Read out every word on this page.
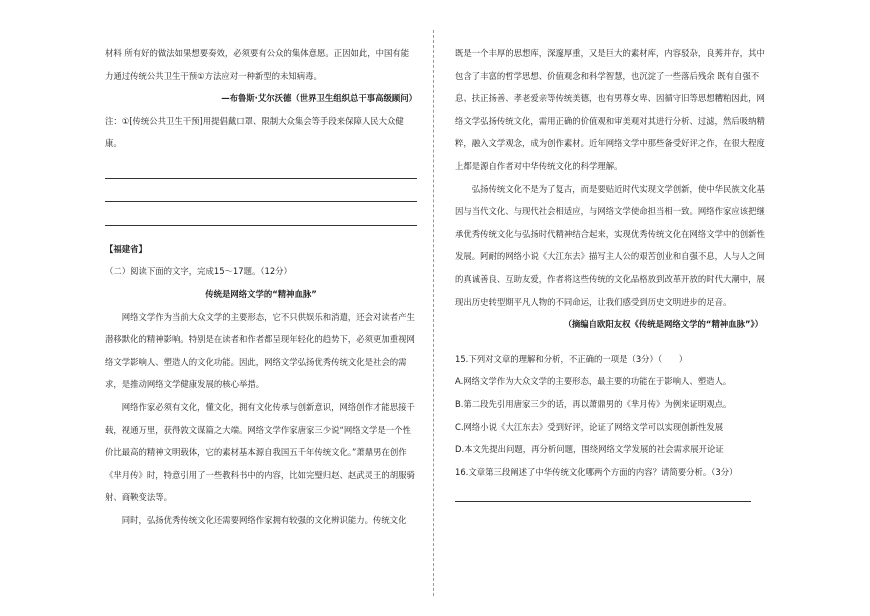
材料 所有好的做法如果想要奏效，必须要有公众的集体意愿。正因如此，中国有能力通过传统公共卫生干预①方法应对一种新型的未知病毒。

—布鲁斯·艾尔沃德（世界卫生组织总干事高级顾问）

注：①[传统公共卫生干预]用提倡戴口罩、限制大众集会等手段来保障人民大众健康。

【福建省】

（二）阅读下面的文字，完成15～17题。（12分）

传统是网络文学的“精神血脉”

网络文学作为当前大众文学的主要形态，它不只供娱乐和消遣，还会对读者产生潜移默化的精神影响。特别是在读者和作者都呈现年轻化的趋势下，必须更加重视网络文学影响人、塑造人的文化功能。因此，网络文学弘扬优秀传统文化是社会的需求，是推动网络文学健康发展的核心举措。

网络作家必须有文化，懂文化，拥有文化传承与创新意识，网络创作才能思接千载，视通万里，获得敦文谋篇之大端。网络文学作家唐家三少说“网络文学是一个性价比最高的精神文明载体，它的素材基本源自我国五千年传统文化。”萧鼎男在创作《芈月传》时，特意引用了一些教科书中的内容，比如完璧归赵、赵武灵王的胡服骑射、商鞅变法等。

同时，弘扬优秀传统文化还需要网络作家拥有较强的文化辨识能力。传统文化

既是一个丰厚的思想库，深邃厚重，又是巨大的素材库，内容驳杂，良莠并存，其中包含了丰富的哲学思想、价值观念和科学智慧，也沉淀了一些落后残余 既有自强不息、扶正扬善、孝老爱亲等传统美德，也有男尊女卑、因循守旧等思想糟粕因此，网络文学弘扬传统文化，需用正确的价值观和审美观对其进行分析、过滤，然后吸纳精粹，融入文学观念，成为创作素材。近年网络文学中那些备受好评之作，在很大程度上都是源自作者对中华传统文化的科学理解。

弘扬传统文化不是为了复古，而是要贴近时代实现文学创新，使中华民族文化基因与当代文化、与现代社会相适应，与网络文学使命担当相一致。网络作家应该把继承优秀传统文化与弘扬时代精神结合起来，实现优秀传统文化在网络文学中的创新性发展。阿耐的网络小说《大江东去》描写主人公的艰苦创业和自强不息，人与人之间的真诚善良、互助友爱，作者将这些传统的文化品格放到改革开放的时代大潮中，展现出历史转型期平凡人物的不同命运，让我们感受到历史文明进步的足音。

（摘编自欧阳友权《传统是网络文学的“精神血脉”》）

15.下列对文章的理解和分析，不正确的一项是（3分）（　　）

A.网络文学作为大众文学的主要形态，最主要的功能在于影响人、塑造人。

B.第二段先引用唐家三少的话，再以萧鼎男的《芈月传》为例来证明观点。

C.网络小说《大江东去》受到好评，论证了网络文学可以实现创新性发展

D.本文先提出问题，再分析问题，围绕网络文学发展的社会需求展开论证

16.文章第三段阐述了中华传统文化哪两个方面的内容？请简要分析。（3分）
